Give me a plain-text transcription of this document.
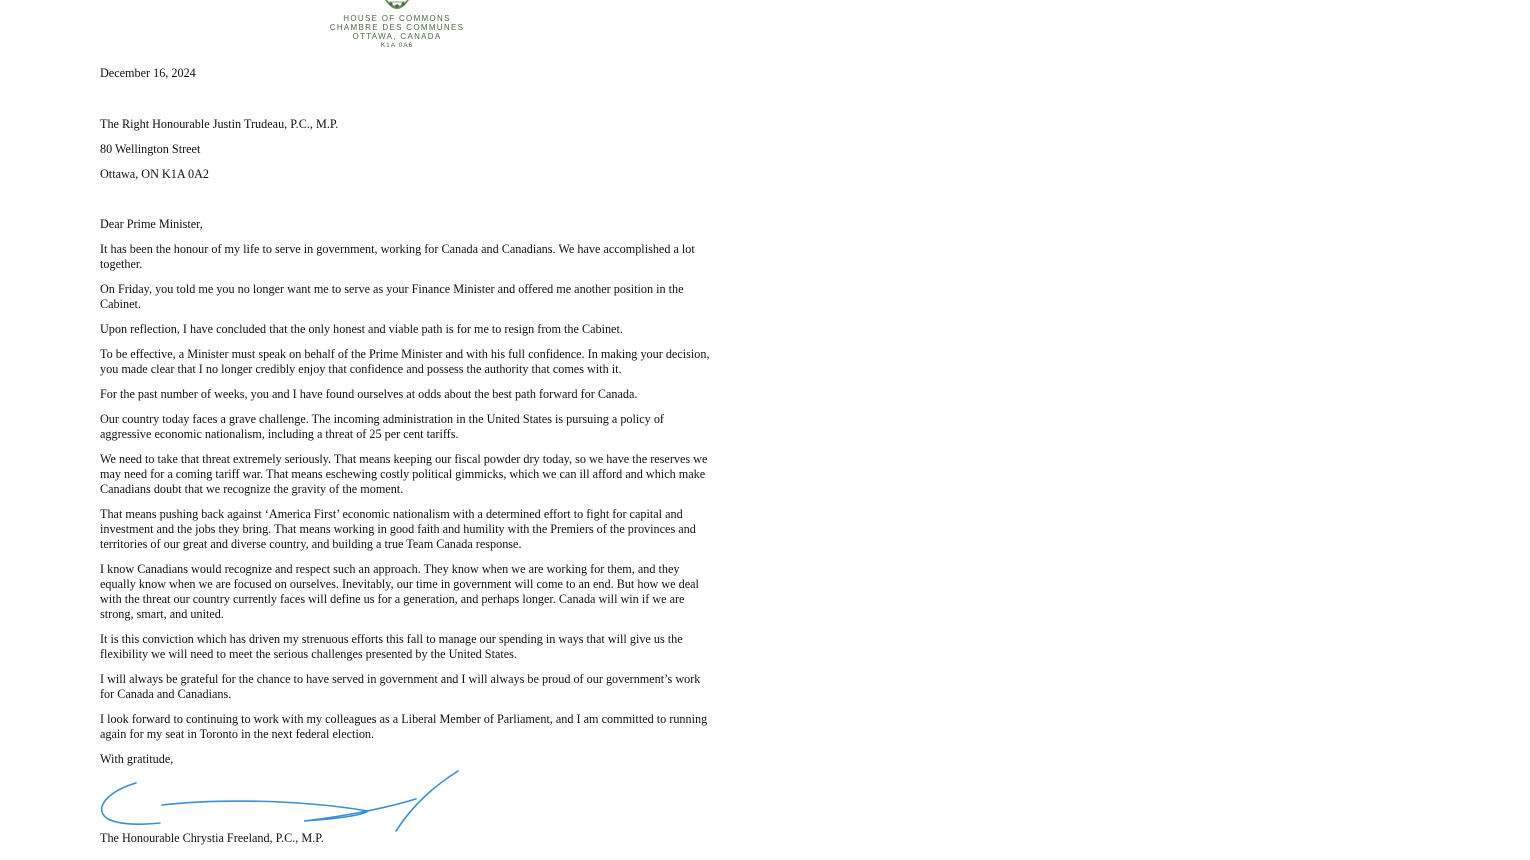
HOUSE OF COMMONS
CHAMBRE DES COMMUNES
OTTAWA, CANADA
K1A 0A6

December 16, 2024

The Right Honourable Justin Trudeau, P.C., M.P.

80 Wellington Street

Ottawa, ON K1A 0A2

Dear Prime Minister,

It has been the honour of my life to serve in government, working for Canada and Canadians. We have accomplished a lot together.

On Friday, you told me you no longer want me to serve as your Finance Minister and offered me another position in the Cabinet.

Upon reflection, I have concluded that the only honest and viable path is for me to resign from the Cabinet.

To be effective, a Minister must speak on behalf of the Prime Minister and with his full confidence. In making your decision, you made clear that I no longer credibly enjoy that confidence and possess the authority that comes with it.

For the past number of weeks, you and I have found ourselves at odds about the best path forward for Canada.

Our country today faces a grave challenge. The incoming administration in the United States is pursuing a policy of aggressive economic nationalism, including a threat of 25 per cent tariffs.

We need to take that threat extremely seriously. That means keeping our fiscal powder dry today, so we have the reserves we may need for a coming tariff war. That means eschewing costly political gimmicks, which we can ill afford and which make Canadians doubt that we recognize the gravity of the moment.

That means pushing back against ‘America First’ economic nationalism with a determined effort to fight for capital and investment and the jobs they bring. That means working in good faith and humility with the Premiers of the provinces and territories of our great and diverse country, and building a true Team Canada response.

I know Canadians would recognize and respect such an approach. They know when we are working for them, and they equally know when we are focused on ourselves. Inevitably, our time in government will come to an end. But how we deal with the threat our country currently faces will define us for a generation, and perhaps longer. Canada will win if we are strong, smart, and united.

It is this conviction which has driven my strenuous efforts this fall to manage our spending in ways that will give us the flexibility we will need to meet the serious challenges presented by the United States.

I will always be grateful for the chance to have served in government and I will always be proud of our government’s work for Canada and Canadians.

I look forward to continuing to work with my colleagues as a Liberal Member of Parliament, and I am committed to running again for my seat in Toronto in the next federal election.

With gratitude,

The Honourable Chrystia Freeland, P.C., M.P.
